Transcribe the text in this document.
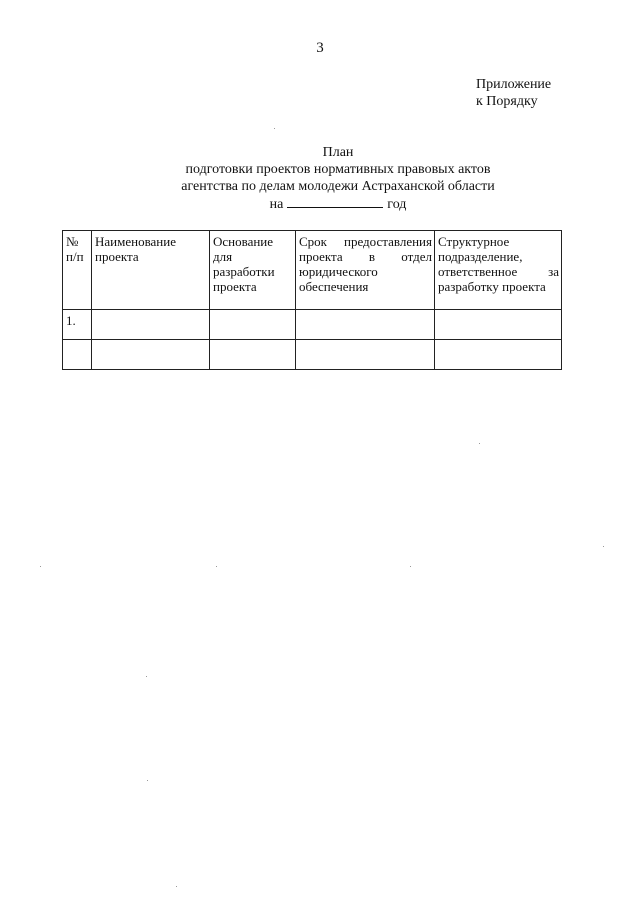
3
Приложение
к Порядку
План
подготовки проектов нормативных правовых актов
агентства по делам молодежи Астраханской области
на	год
№ п/п	Наименование проекта	Основание для разработки проекта	Срок предоставления проекта в отдел юридического обеспечения	Структурное подразделение, ответственное за разработку проекта
1.				
